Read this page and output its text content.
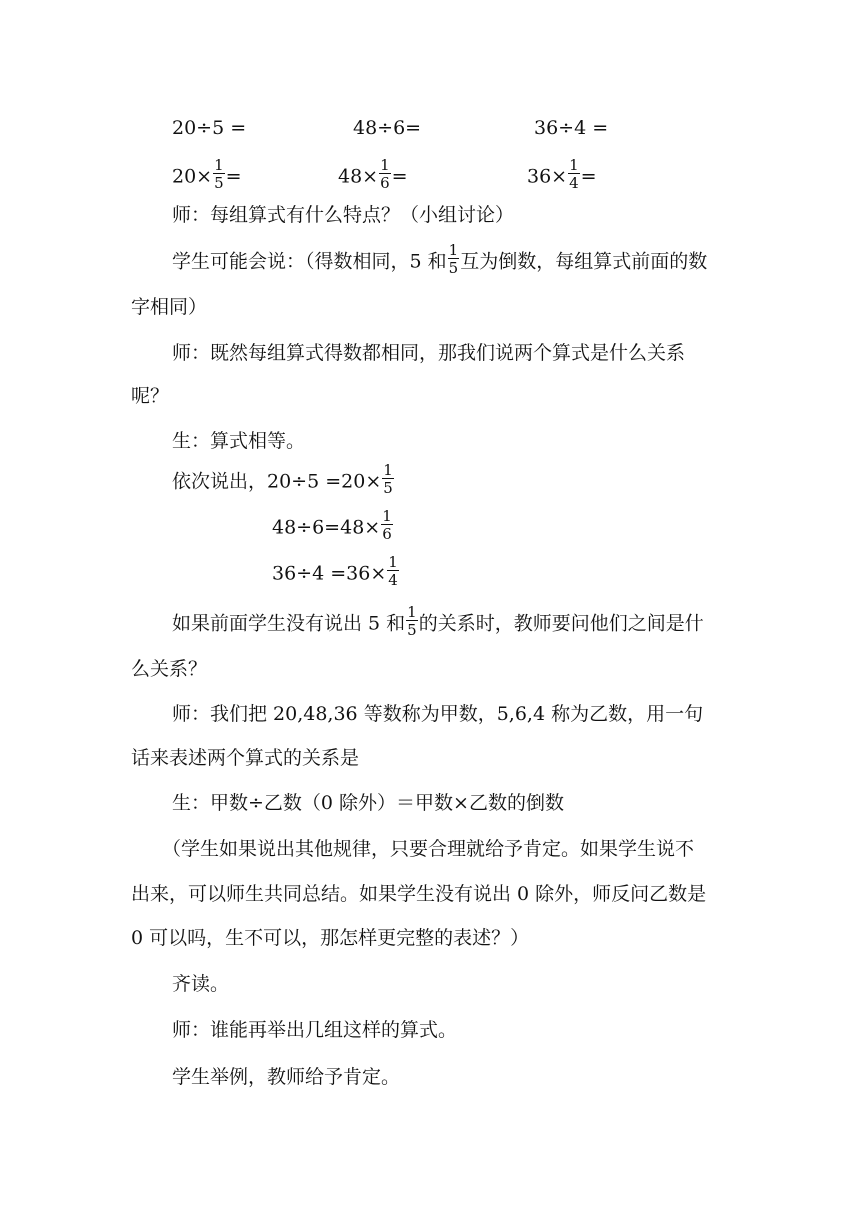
20÷5 =	48÷6=	36÷4 =
$20\times \frac{1}{5}$ =	$48\times \frac{1}{6}$ =	$36\times \frac{1}{4}$ =
师：每组算式有什么特点？（小组讨论）
学生可能会说：（得数相同，5 和 $\frac{1}{5}$ 互为倒数，每组算式前面的数
字相同）
师：既然每组算式得数都相同，那我们说两个算式是什么关系
呢？
生：算式相等。
依次说出，$20\div 5 =20\times \frac{1}{5}$
$48\div 6=48\times \frac{1}{6}$
$36\div 4 =36\times \frac{1}{4}$
如果前面学生没有说出 5 和 $\frac{1}{5}$ 的关系时，教师要问他们之间是什
么关系？
师：我们把 20,48,36 等数称为甲数，5,6,4 称为乙数，用一句
话来表述两个算式的关系是
生：甲数÷乙数（0 除外）＝甲数×乙数的倒数
（学生如果说出其他规律，只要合理就给予肯定。如果学生说不
出来，可以师生共同总结。如果学生没有说出 0 除外，师反问乙数是
0 可以吗，生不可以，那怎样更完整的表述？）
齐读。
师：谁能再举出几组这样的算式。
学生举例，教师给予肯定。
